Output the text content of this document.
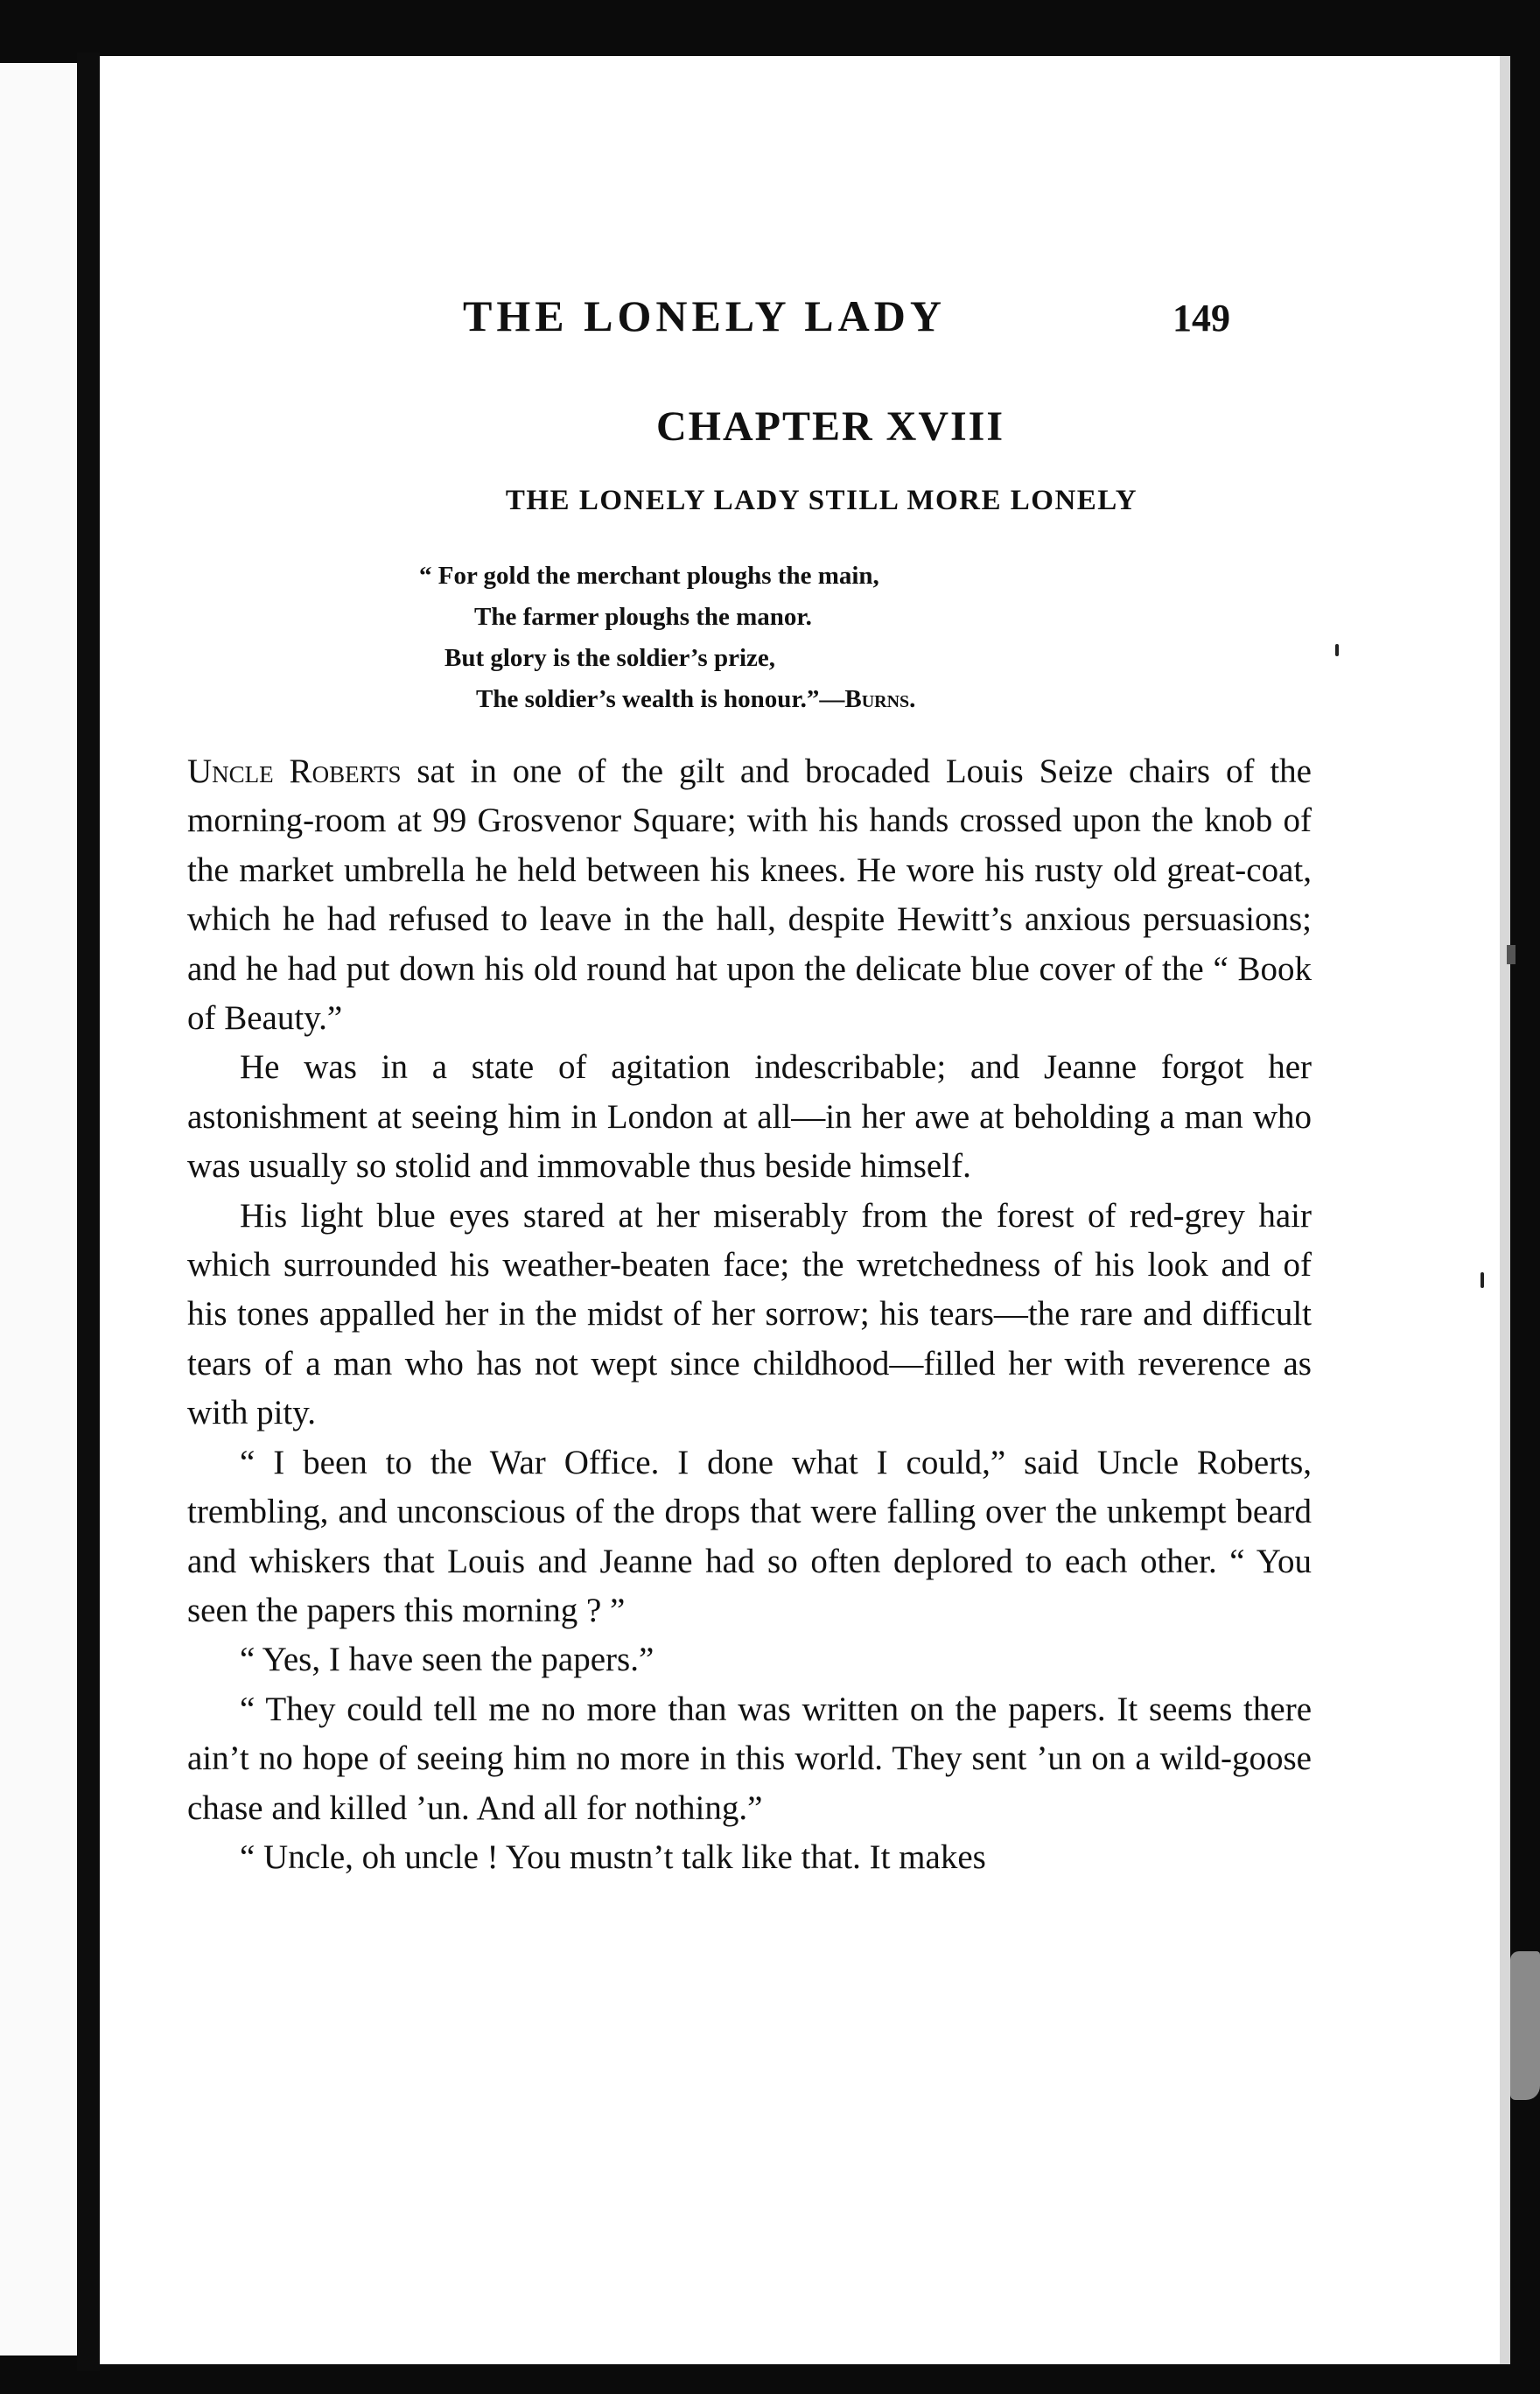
THE LONELY LADY	149
CHAPTER XVIII
THE LONELY LADY STILL MORE LONELY
“ For gold the merchant ploughs the main,
The farmer ploughs the manor.
But glory is the soldier’s prize,
The soldier’s wealth is honour.”—Burns.

Uncle Roberts sat in one of the gilt and brocaded Louis Seize chairs of the morning-room at 99 Grosvenor Square; with his hands crossed upon the knob of the market umbrella he held between his knees. He wore his rusty old great-coat, which he had refused to leave in the hall, despite Hewitt’s anxious persuasions; and he had put down his old round hat upon the delicate blue cover of the “ Book of Beauty.”

He was in a state of agitation indescribable; and Jeanne forgot her astonishment at seeing him in London at all—in her awe at beholding a man who was usually so stolid and immovable thus beside himself.

His light blue eyes stared at her miserably from the forest of red-grey hair which surrounded his weather-beaten face; the wretchedness of his look and of his tones appalled her in the midst of her sorrow; his tears—the rare and difficult tears of a man who has not wept since childhood—filled her with reverence as with pity.

“ I been to the War Office. I done what I could,” said Uncle Roberts, trembling, and unconscious of the drops that were falling over the unkempt beard and whiskers that Louis and Jeanne had so often deplored to each other. “ You seen the papers this morning ? ”

“ Yes, I have seen the papers.”

“ They could tell me no more than was written on the papers. It seems there ain’t no hope of seeing him no more in this world. They sent ’un on a wild-goose chase and killed ’un. And all for nothing.”

“ Uncle, oh uncle ! You mustn’t talk like that. It makes
